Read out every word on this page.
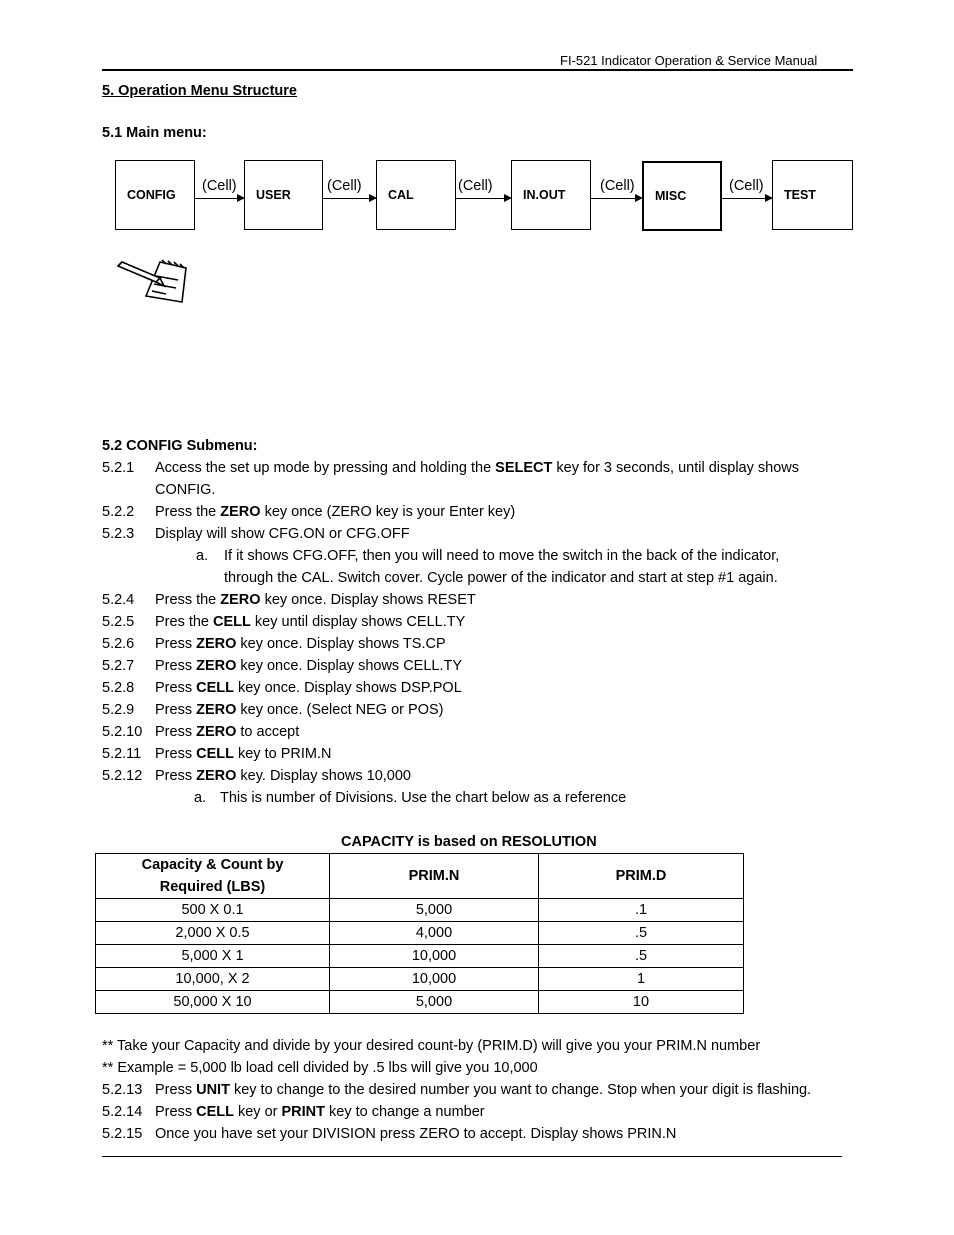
FI-521 Indicator Operation & Service Manual
5. Operation Menu Structure
5.1 Main menu:
CONFIG	USER	CAL	IN.OUT	MISC	TEST
(Cell)	(Cell)	(Cell)	(Cell)	(Cell)
5.2 CONFIG Submenu:
5.2.1 Access the set up mode by pressing and holding the SELECT key for 3 seconds, until display shows
CONFIG.
5.2.2 Press the ZERO key once (ZERO key is your Enter key)
5.2.3 Display will show CFG.ON or CFG.OFF
a. If it shows CFG.OFF, then you will need to move the switch in the back of the indicator,
through the CAL. Switch cover. Cycle power of the indicator and start at step #1 again.
5.2.4 Press the ZERO key once. Display shows RESET
5.2.5 Pres the CELL key until display shows CELL.TY
5.2.6 Press ZERO key once. Display shows TS.CP
5.2.7 Press ZERO key once. Display shows CELL.TY
5.2.8 Press CELL key once. Display shows DSP.POL
5.2.9 Press ZERO key once. (Select NEG or POS)
5.2.10 Press ZERO to accept
5.2.11 Press CELL key to PRIM.N
5.2.12 Press ZERO key. Display shows 10,000
a. This is number of Divisions. Use the chart below as a reference
CAPACITY is based on RESOLUTION
Capacity & Count by Required (LBS)	PRIM.N	PRIM.D
500 X 0.1	5,000	.1
2,000 X 0.5	4,000	.5
5,000 X 1	10,000	.5
10,000, X 2	10,000	1
50,000 X 10	5,000	10
** Take your Capacity and divide by your desired count-by (PRIM.D) will give you your PRIM.N number
** Example = 5,000 lb load cell divided by .5 lbs will give you 10,000
5.2.13 Press UNIT key to change to the desired number you want to change. Stop when your digit is flashing.
5.2.14 Press CELL key or PRINT key to change a number
5.2.15 Once you have set your DIVISION press ZERO to accept. Display shows PRIN.N
